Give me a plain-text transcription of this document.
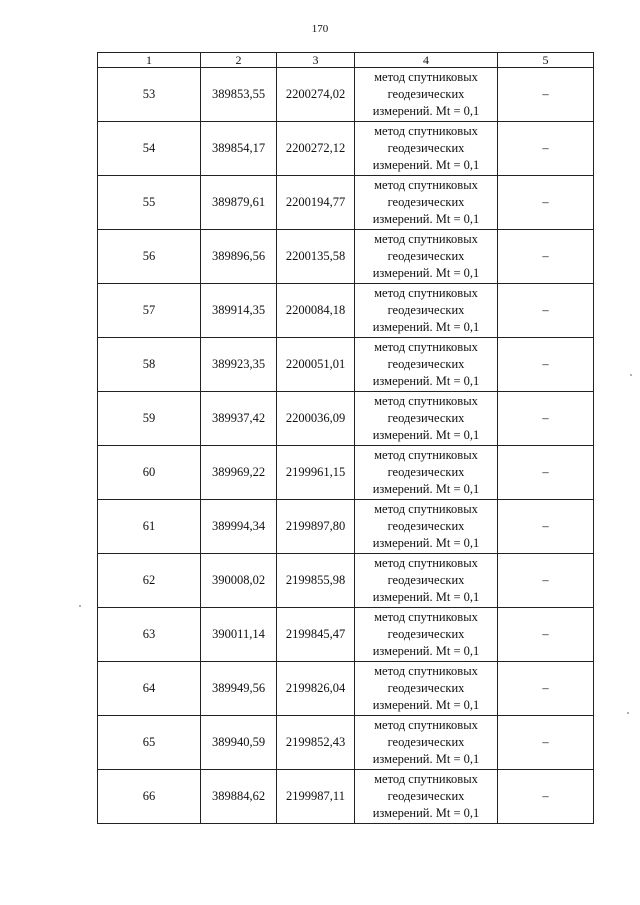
170
1	2	3	4	5
53	389853,55	2200274,02	метод спутниковых
геодезических
измерений. Mt = 0,1	–
54	389854,17	2200272,12	метод спутниковых
геодезических
измерений. Mt = 0,1	–
55	389879,61	2200194,77	метод спутниковых
геодезических
измерений. Mt = 0,1	–
56	389896,56	2200135,58	метод спутниковых
геодезических
измерений. Mt = 0,1	–
57	389914,35	2200084,18	метод спутниковых
геодезических
измерений. Mt = 0,1	–
58	389923,35	2200051,01	метод спутниковых
геодезических
измерений. Mt = 0,1	–
59	389937,42	2200036,09	метод спутниковых
геодезических
измерений. Mt = 0,1	–
60	389969,22	2199961,15	метод спутниковых
геодезических
измерений. Mt = 0,1	–
61	389994,34	2199897,80	метод спутниковых
геодезических
измерений. Mt = 0,1	–
62	390008,02	2199855,98	метод спутниковых
геодезических
измерений. Mt = 0,1	–
63	390011,14	2199845,47	метод спутниковых
геодезических
измерений. Mt = 0,1	–
64	389949,56	2199826,04	метод спутниковых
геодезических
измерений. Mt = 0,1	–
65	389940,59	2199852,43	метод спутниковых
геодезических
измерений. Mt = 0,1	–
66	389884,62	2199987,11	метод спутниковых
геодезических
измерений. Mt = 0,1	–
